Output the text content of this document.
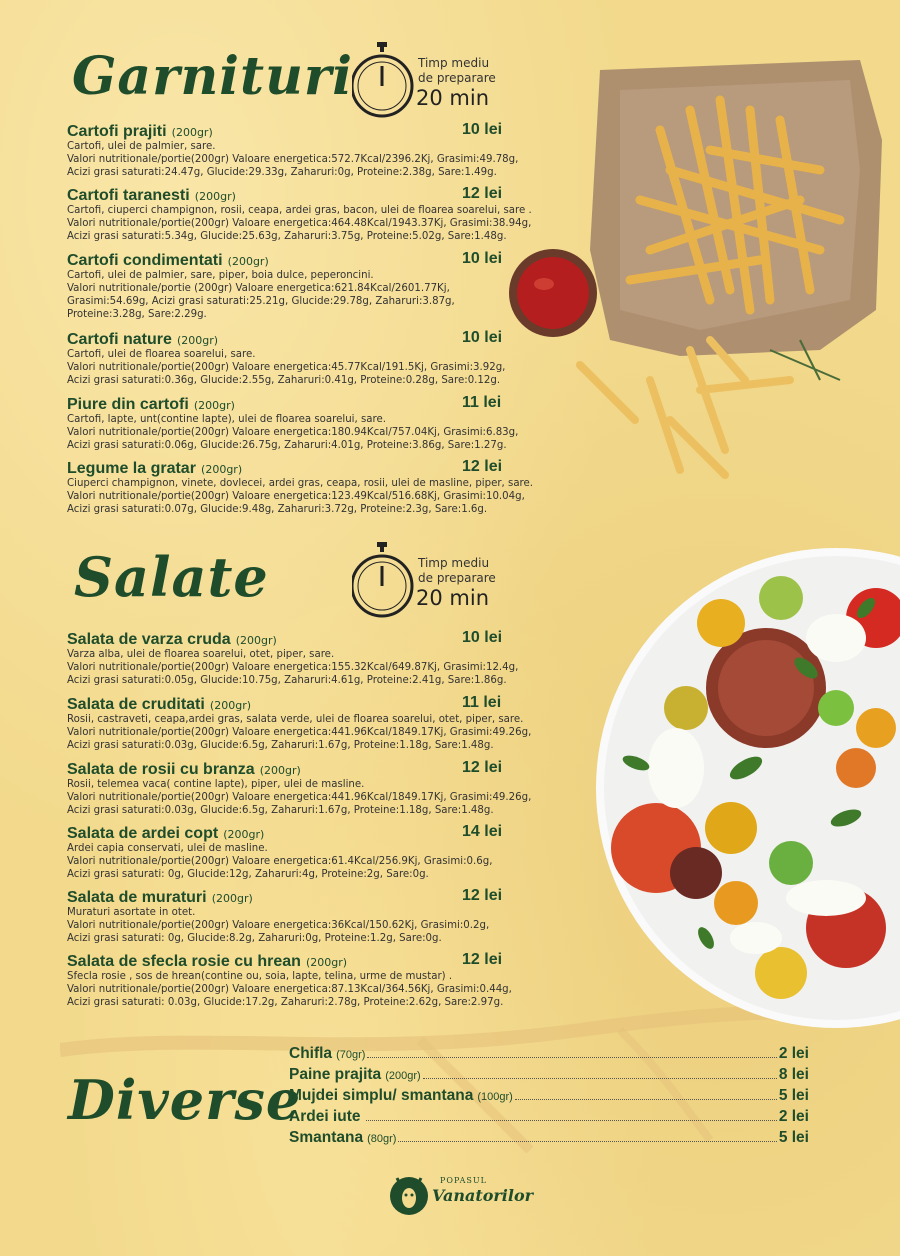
Garnituri	Timp mediu
de preparare
20 min
Cartofi prajiti (200gr)	10 lei
Cartofi, ulei de palmier, sare.
Valori nutritionale/portie(200gr) Valoare energetica:572.7Kcal/2396.2Kj, Grasimi:49.78g,
Acizi grasi saturati:24.47g, Glucide:29.33g, Zaharuri:0g, Proteine:2.38g, Sare:1.49g.
Cartofi taranesti (200gr)	12 lei
Cartofi, ciuperci champignon, rosii, ceapa, ardei gras, bacon, ulei de floarea soarelui, sare .
Valori nutritionale/portie(200gr) Valoare energetica:464.48Kcal/1943.37Kj, Grasimi:38.94g,
Acizi grasi saturati:5.34g, Glucide:25.63g, Zaharuri:3.75g, Proteine:5.02g, Sare:1.48g.
Cartofi condimentati (200gr)	10 lei
Cartofi, ulei de palmier, sare, piper, boia dulce, peperoncini.
Valori nutritionale/portie (200gr) Valoare energetica:621.84Kcal/2601.77Kj,
Grasimi:54.69g, Acizi grasi saturati:25.21g, Glucide:29.78g, Zaharuri:3.87g,
Proteine:3.28g, Sare:2.29g.
Cartofi nature (200gr)	10 lei
Cartofi, ulei de floarea soarelui, sare.
Valori nutritionale/portie(200gr) Valoare energetica:45.77Kcal/191.5Kj, Grasimi:3.92g,
Acizi grasi saturati:0.36g, Glucide:2.55g, Zaharuri:0.41g, Proteine:0.28g, Sare:0.12g.
Piure din cartofi (200gr)	11 lei
Cartofi, lapte, unt(contine lapte), ulei de floarea soarelui, sare.
Valori nutritionale/portie(200gr) Valoare energetica:180.94Kcal/757.04Kj, Grasimi:6.83g,
Acizi grasi saturati:0.06g, Glucide:26.75g, Zaharuri:4.01g, Proteine:3.86g, Sare:1.27g.
Legume la gratar (200gr)	12 lei
Ciuperci champignon, vinete, dovlecei, ardei gras, ceapa, rosii, ulei de masline, piper, sare.
Valori nutritionale/portie(200gr) Valoare energetica:123.49Kcal/516.68Kj, Grasimi:10.04g,
Acizi grasi saturati:0.07g, Glucide:9.48g, Zaharuri:3.72g, Proteine:2.3g, Sare:1.6g.
Salate	Timp mediu
de preparare
20 min
Salata de varza cruda (200gr)	10 lei
Varza alba, ulei de floarea soarelui, otet, piper, sare.
Valori nutritionale/portie(200gr) Valoare energetica:155.32Kcal/649.87Kj, Grasimi:12.4g,
Acizi grasi saturati:0.05g, Glucide:10.75g, Zaharuri:4.61g, Proteine:2.41g, Sare:1.86g.
Salata de cruditati (200gr)	11 lei
Rosii, castraveti, ceapa,ardei gras, salata verde, ulei de floarea soarelui, otet, piper, sare.
Valori nutritionale/portie(200gr) Valoare energetica:441.96Kcal/1849.17Kj, Grasimi:49.26g,
Acizi grasi saturati:0.03g, Glucide:6.5g, Zaharuri:1.67g, Proteine:1.18g, Sare:1.48g.
Salata de rosii cu branza (200gr)	12 lei
Rosii, telemea vaca( contine lapte), piper, ulei de masline.
Valori nutritionale/portie(200gr) Valoare energetica:441.96Kcal/1849.17Kj, Grasimi:49.26g,
Acizi grasi saturati:0.03g, Glucide:6.5g, Zaharuri:1.67g, Proteine:1.18g, Sare:1.48g.
Salata de ardei copt (200gr)	14 lei
Ardei capia conservati, ulei de masline.
Valori nutritionale/portie(200gr) Valoare energetica:61.4Kcal/256.9Kj, Grasimi:0.6g,
Acizi grasi saturati: 0g, Glucide:12g, Zaharuri:4g, Proteine:2g, Sare:0g.
Salata de muraturi (200gr)	12 lei
Muraturi asortate in otet.
Valori nutritionale/portie(200gr) Valoare energetica:36Kcal/150.62Kj, Grasimi:0.2g,
Acizi grasi saturati: 0g, Glucide:8.2g, Zaharuri:0g, Proteine:1.2g, Sare:0g.
Salata de sfecla rosie cu hrean (200gr)	12 lei
Sfecla rosie , sos de hrean(contine ou, soia, lapte, telina, urme de mustar) .
Valori nutritionale/portie(200gr) Valoare energetica:87.13Kcal/364.56Kj, Grasimi:0.44g,
Acizi grasi saturati: 0.03g, Glucide:17.2g, Zaharuri:2.78g, Proteine:2.62g, Sare:2.97g.
Diverse
Chifla (70gr)	2 lei
Paine prajita (200gr)	8 lei
Mujdei simplu/ smantana (100gr)	5 lei
Ardei iute	2 lei
Smantana (80gr)	5 lei
POPASUL
Vanatorilor
